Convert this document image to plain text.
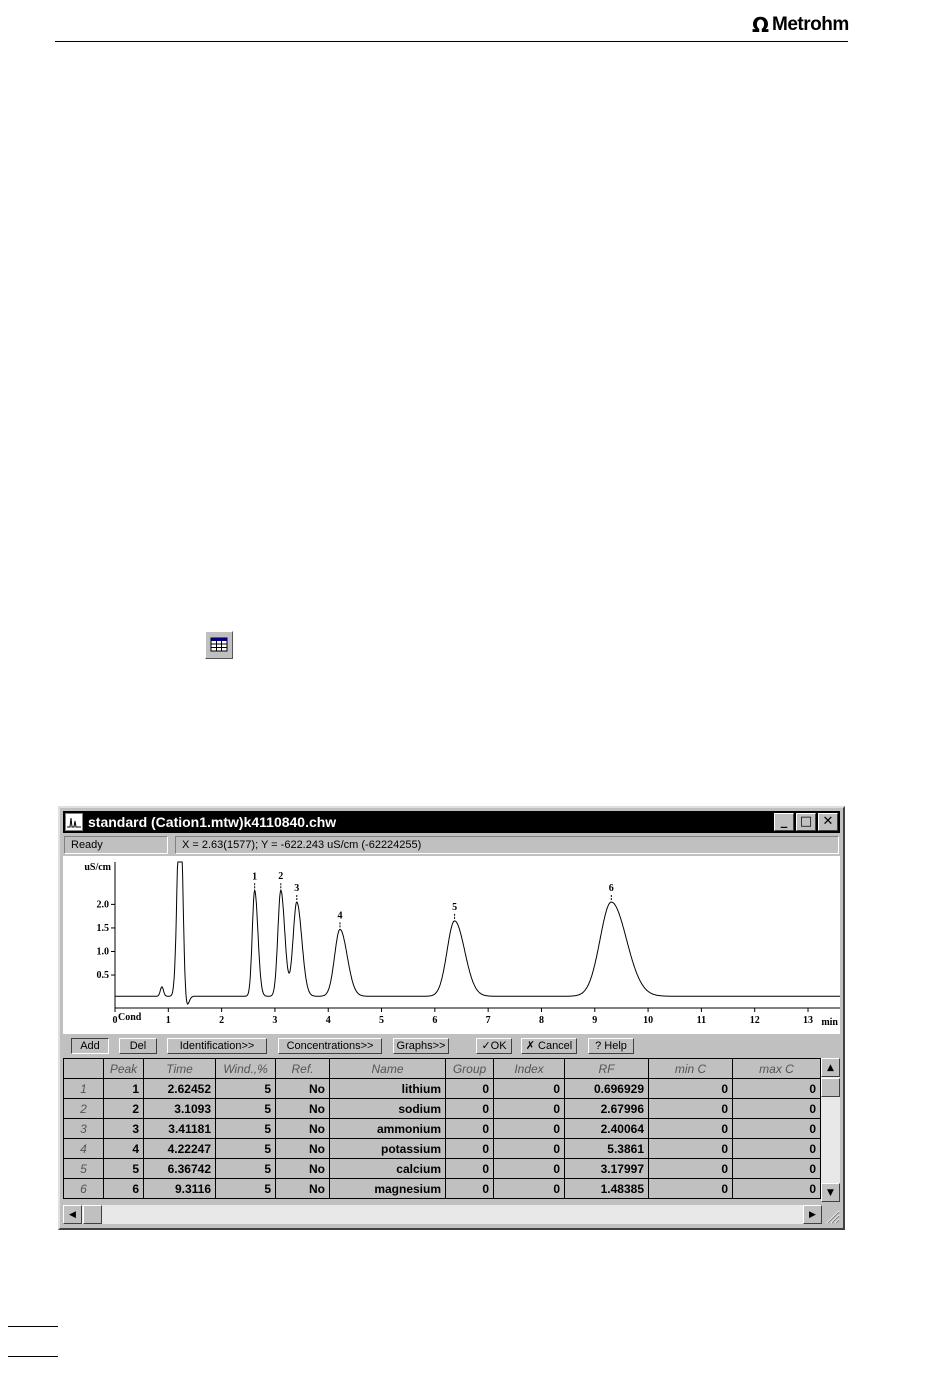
Ω Metrohm
standard (Cation1.mtw)k4110840.chw	_ □ ✕
Ready	X = 2.63(1577); Y = -622.243 uS/cm (-62224255)
0.5
1.0
1.5
2.0
uS/cm
0	1	2	3	4	5	6	7	8	9	10	11	12	13 min
Cond
1 2
3
4
5
6
Add	Del	Identification>>	Concentrations>>	Graphs>>	✓OK	✗ Cancel	? Help
	Peak	Time	Wind.,%	Ref.	Name	Group	Index	RF	min C	max C
1	1	2.62452	5	No	lithium	0	0	0.696929	0	0
2	2	3.1093	5	No	sodium	0	0	2.67996	0	0
3	3	3.41181	5	No	ammonium	0	0	2.40064	0	0
4	4	4.22247	5	No	potassium	0	0	5.3861	0	0
5	5	6.36742	5	No	calcium	0	0	3.17997	0	0
6	6	9.3116	5	No	magnesium	0	0	1.48385	0	0
▲
▼
◀	▶
